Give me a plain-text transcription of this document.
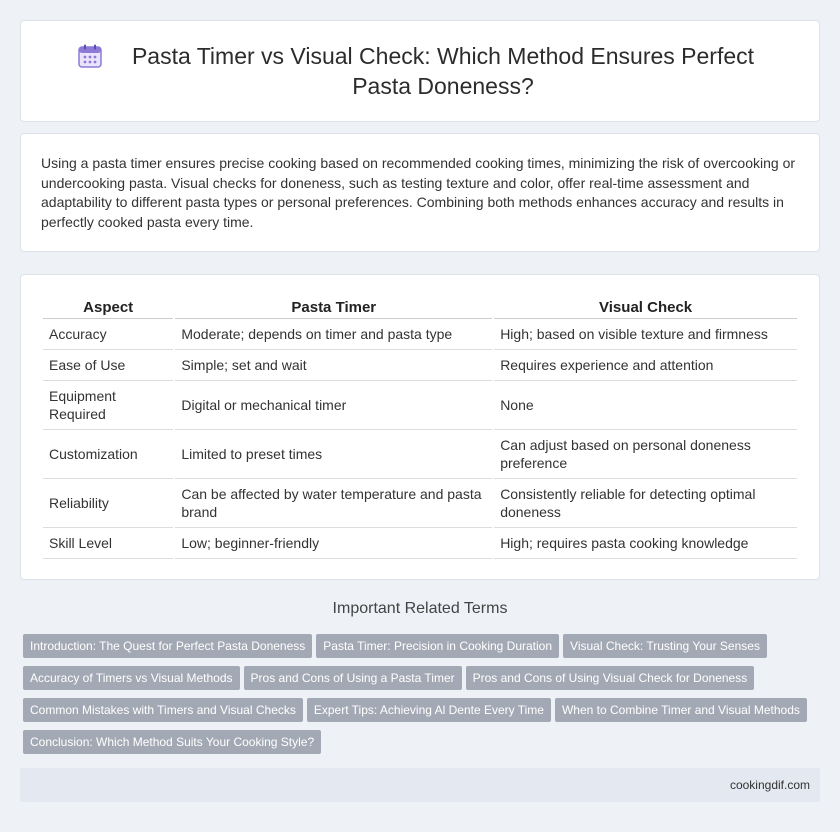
Pasta Timer vs Visual Check: Which Method Ensures Perfect Pasta Doneness?

Using a pasta timer ensures precise cooking based on recommended cooking times, minimizing the risk of overcooking or undercooking pasta. Visual checks for doneness, such as testing texture and color, offer real-time assessment and adaptability to different pasta types or personal preferences. Combining both methods enhances accuracy and results in perfectly cooked pasta every time.

Aspect	Pasta Timer	Visual Check
Accuracy	Moderate; depends on timer and pasta type	High; based on visible texture and firmness
Ease of Use	Simple; set and wait	Requires experience and attention
Equipment Required	Digital or mechanical timer	None
Customization	Limited to preset times	Can adjust based on personal doneness preference
Reliability	Can be affected by water temperature and pasta brand	Consistently reliable for detecting optimal doneness
Skill Level	Low; beginner-friendly	High; requires pasta cooking knowledge
Important Related Terms
Introduction: The Quest for Perfect Pasta Doneness Pasta Timer: Precision in Cooking Duration Visual Check: Trusting Your Senses Accuracy of Timers vs Visual Methods Pros and Cons of Using a Pasta Timer Pros and Cons of Using Visual Check for Doneness Common Mistakes with Timers and Visual Checks Expert Tips: Achieving Al Dente Every Time When to Combine Timer and Visual Methods Conclusion: Which Method Suits Your Cooking Style?
cookingdif.com
